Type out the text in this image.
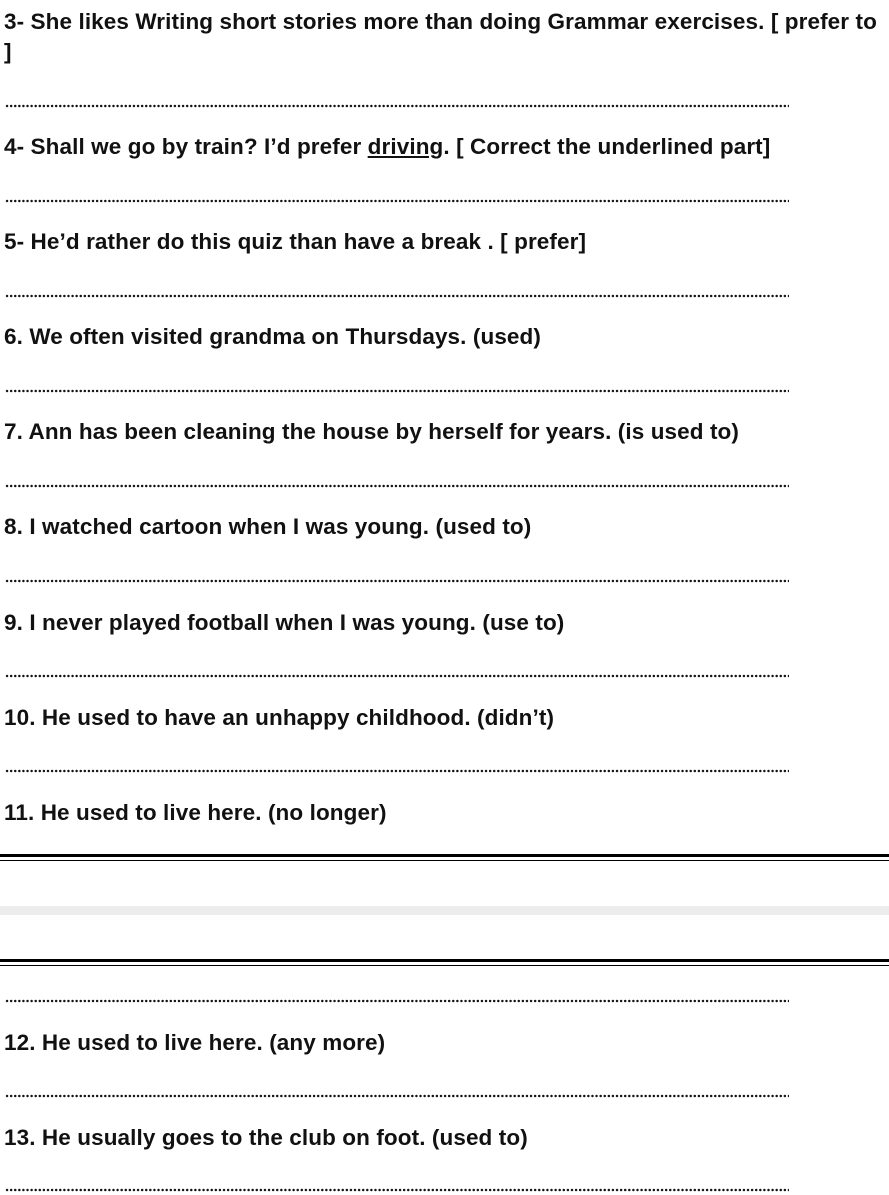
3- She likes Writing short stories more than doing Grammar exercises. [ prefer to ]
4- Shall we go by train? I’d prefer driving. [ Correct the underlined part]
5- He’d rather do this quiz than have a break . [ prefer]
6. We often visited grandma on Thursdays. (used)
7. Ann has been cleaning the house by herself for years. (is used to)
8. I watched cartoon when I was young. (used to)
9. I never played football when I was young. (use to)
10. He used to have an unhappy childhood. (didn’t)
11. He used to live here. (no longer)
12. He used to live here. (any more)
13. He usually goes to the club on foot. (used to)
